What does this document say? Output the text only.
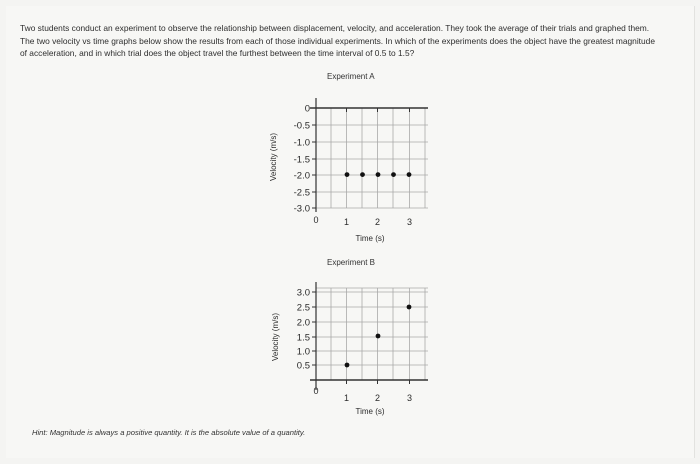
Two students conduct an experiment to observe the relationship between displacement, velocity, and acceleration. They took the average of their trials and graphed them. The two velocity vs time graphs below show the results from each of those individual experiments. In which of the experiments does the object have the greatest magnitude of acceleration, and in which trial does the object travel the furthest between the time interval of 0.5 to 1.5?
Experiment A
Experiment B
0
-0.5
-1.0
-1.5
-2.0
-2.5
-3.0
0	1	2	3
Time (s)
Velocity (m/s)
0.5
1.0
1.5
2.0
2.5
3.0
0
1	2	3
Time (s)
Velocity (m/s)
Hint: Magnitude is always a positive quantity. It is the absolute value of a quantity.
